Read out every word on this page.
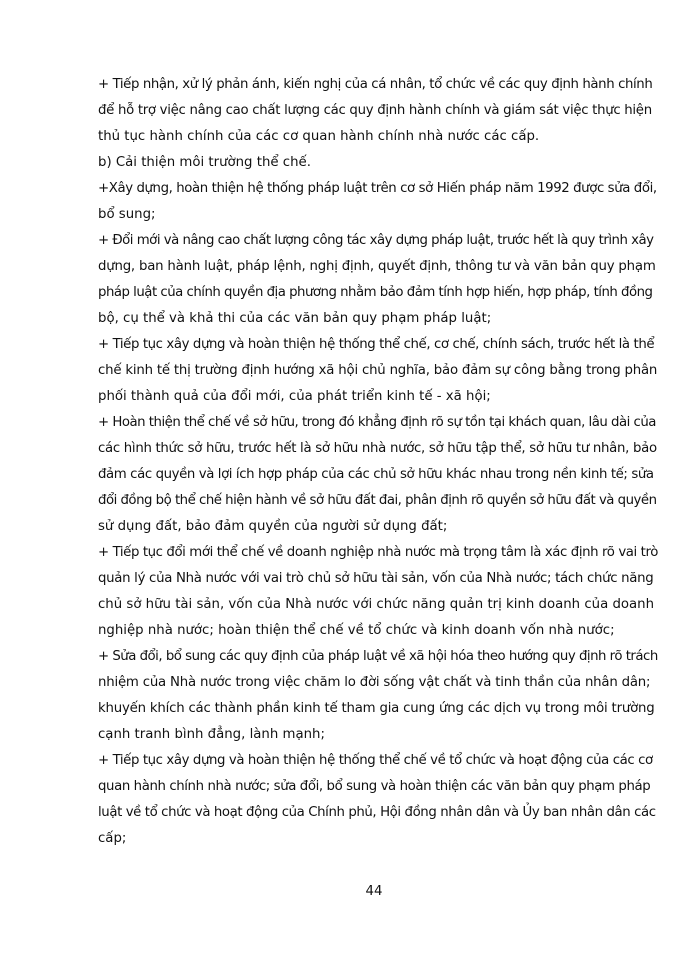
+ Tiếp nhận, xử lý phản ánh, kiến nghị của cá nhân, tổ chức về các quy định hành chính
để hỗ trợ việc nâng cao chất lượng các quy định hành chính và giám sát việc thực hiện
thủ tục hành chính của các cơ quan hành chính nhà nước các cấp.
b) Cải thiện môi trường thể chế.
+Xây dựng, hoàn thiện hệ thống pháp luật trên cơ sở Hiến pháp năm 1992 được sửa đổi,
bổ sung;
+ Đổi mới và nâng cao chất lượng công tác xây dựng pháp luật, trước hết là quy trình xây
dựng, ban hành luật, pháp lệnh, nghị định, quyết định, thông tư và văn bản quy phạm
pháp luật của chính quyền địa phương nhằm bảo đảm tính hợp hiến, hợp pháp, tính đồng
bộ, cụ thể và khả thi của các văn bản quy phạm pháp luật;
+ Tiếp tục xây dựng và hoàn thiện hệ thống thể chế, cơ chế, chính sách, trước hết là thể
chế kinh tế thị trường định hướng xã hội chủ nghĩa, bảo đảm sự công bằng trong phân
phối thành quả của đổi mới, của phát triển kinh tế - xã hội;
+ Hoàn thiện thể chế về sở hữu, trong đó khẳng định rõ sự tồn tại khách quan, lâu dài của
các hình thức sở hữu, trước hết là sở hữu nhà nước, sở hữu tập thể, sở hữu tư nhân, bảo
đảm các quyền và lợi ích hợp pháp của các chủ sở hữu khác nhau trong nền kinh tế; sửa
đổi đồng bộ thể chế hiện hành về sở hữu đất đai, phân định rõ quyền sở hữu đất và quyền
sử dụng đất, bảo đảm quyền của người sử dụng đất;
+ Tiếp tục đổi mới thể chế về doanh nghiệp nhà nước mà trọng tâm là xác định rõ vai trò
quản lý của Nhà nước với vai trò chủ sở hữu tài sản, vốn của Nhà nước; tách chức năng
chủ sở hữu tài sản, vốn của Nhà nước với chức năng quản trị kinh doanh của doanh
nghiệp nhà nước; hoàn thiện thể chế về tổ chức và kinh doanh vốn nhà nước;
+ Sửa đổi, bổ sung các quy định của pháp luật về xã hội hóa theo hướng quy định rõ trách
nhiệm của Nhà nước trong việc chăm lo đời sống vật chất và tinh thần của nhân dân;
khuyến khích các thành phần kinh tế tham gia cung ứng các dịch vụ trong môi trường
cạnh tranh bình đẳng, lành mạnh;
+ Tiếp tục xây dựng và hoàn thiện hệ thống thể chế về tổ chức và hoạt động của các cơ
quan hành chính nhà nước; sửa đổi, bổ sung và hoàn thiện các văn bản quy phạm pháp
luật về tổ chức và hoạt động của Chính phủ, Hội đồng nhân dân và Ủy ban nhân dân các
cấp;
44
